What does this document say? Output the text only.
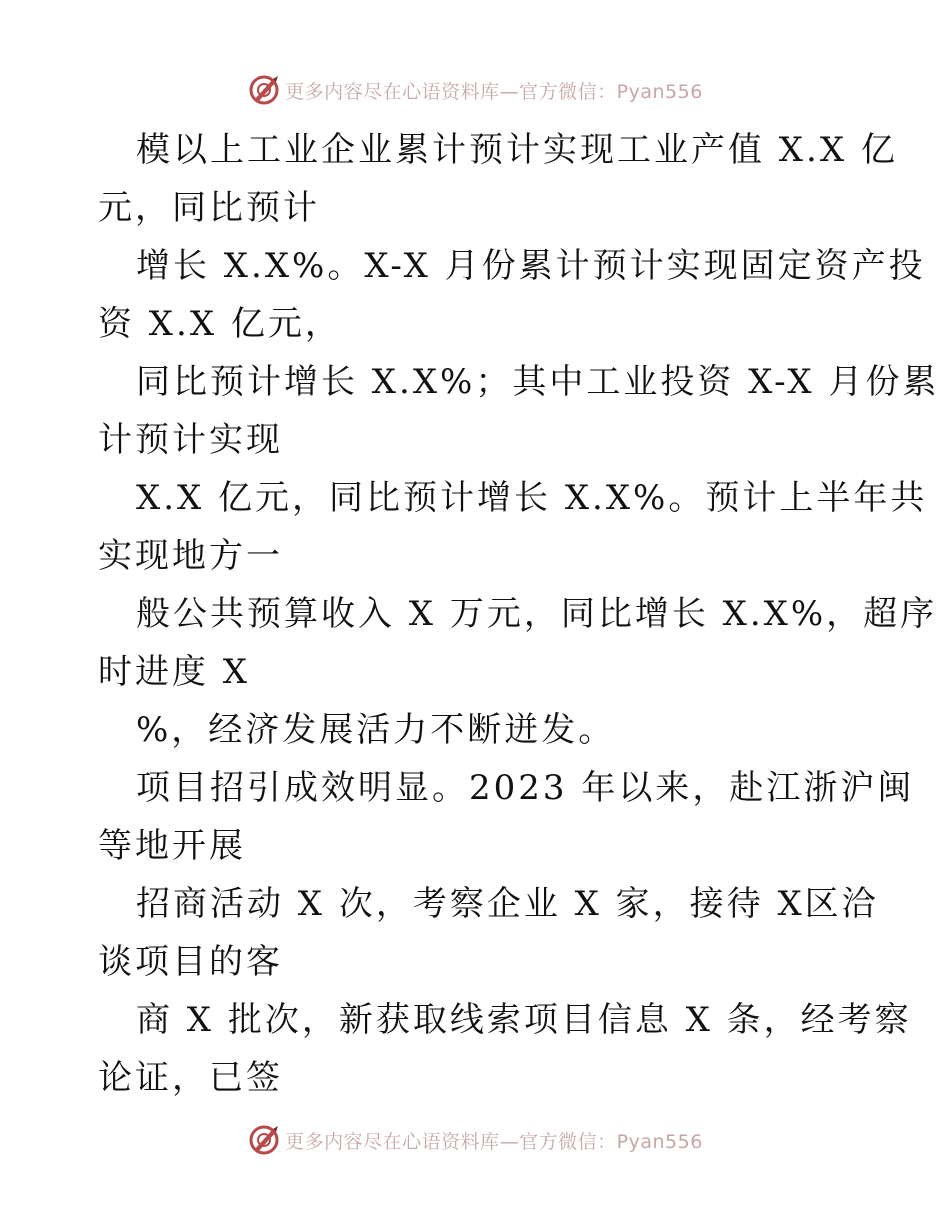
更多内容尽在心语资料库—官方微信：Pyan556
模以上工业企业累计预计实现工业产值 X.X 亿
元，同比预计
增长 X.X%。X-X 月份累计预计实现固定资产投
资 X.X 亿元，
同比预计增长 X.X%；其中工业投资 X-X 月份累
计预计实现
X.X 亿元，同比预计增长 X.X%。预计上半年共
实现地方一
般公共预算收入 X 万元，同比增长 X.X%，超序
时进度 X
%，经济发展活力不断迸发。
项目招引成效明显。2023 年以来，赴江浙沪闽
等地开展
招商活动 X 次，考察企业 X 家，接待 X区洽
谈项目的客
商 X 批次，新获取线索项目信息 X 条，经考察
论证，已签
更多内容尽在心语资料库—官方微信：Pyan556
